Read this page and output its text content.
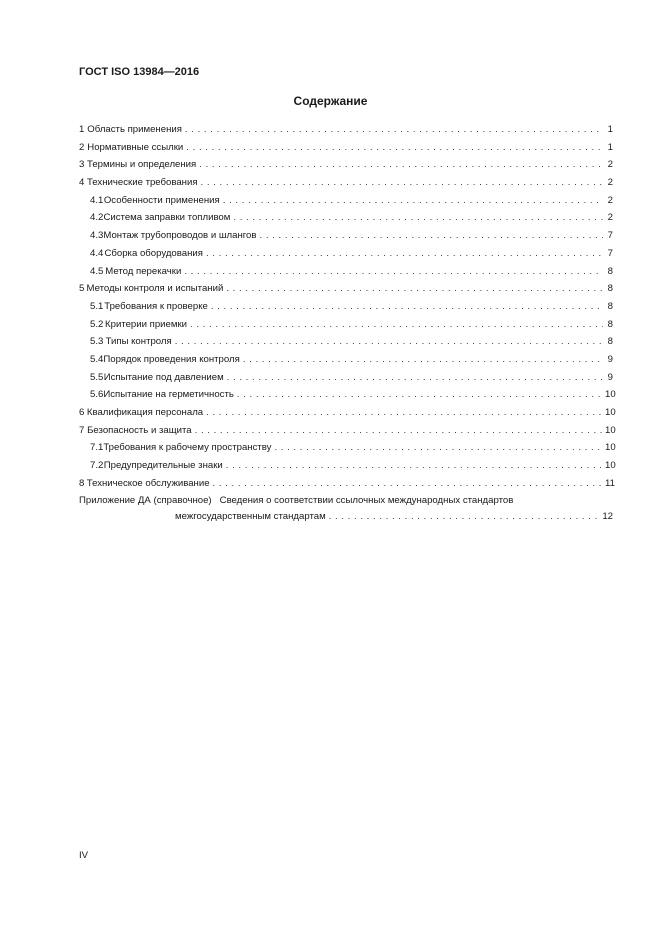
ГОСТ ISO 13984—2016
Содержание
1 Область применения . . .	1
2 Нормативные ссылки . . .	1
3 Термины и определения . . .	2
4 Технические требования . . .	2
4.1 Особенности применения . . .	2
4.2 Система заправки топливом . . .	2
4.3 Монтаж трубопроводов и шлангов . . .	7
4.4 Сборка оборудования . . .	7
4.5 Метод перекачки . . .	8
5 Методы контроля и испытаний . . .	8
5.1 Требования к проверке . . .	8
5.2 Критерии приемки . . .	8
5.3 Типы контроля . . .	8
5.4 Порядок проведения контроля . . .	9
5.5 Испытание под давлением . . .	9
5.6 Испытание на герметичность . . .	10
6 Квалификация персонала . . .	10
7 Безопасность и защита . . .	10
7.1 Требования к рабочему пространству . . .	10
7.2 Предупредительные знаки . . .	10
8 Техническое обслуживание . . .	11
Приложение ДА (справочное) Сведения о соответствии ссылочных международных стандартов
межгосударственным стандартам . . .	12
IV
